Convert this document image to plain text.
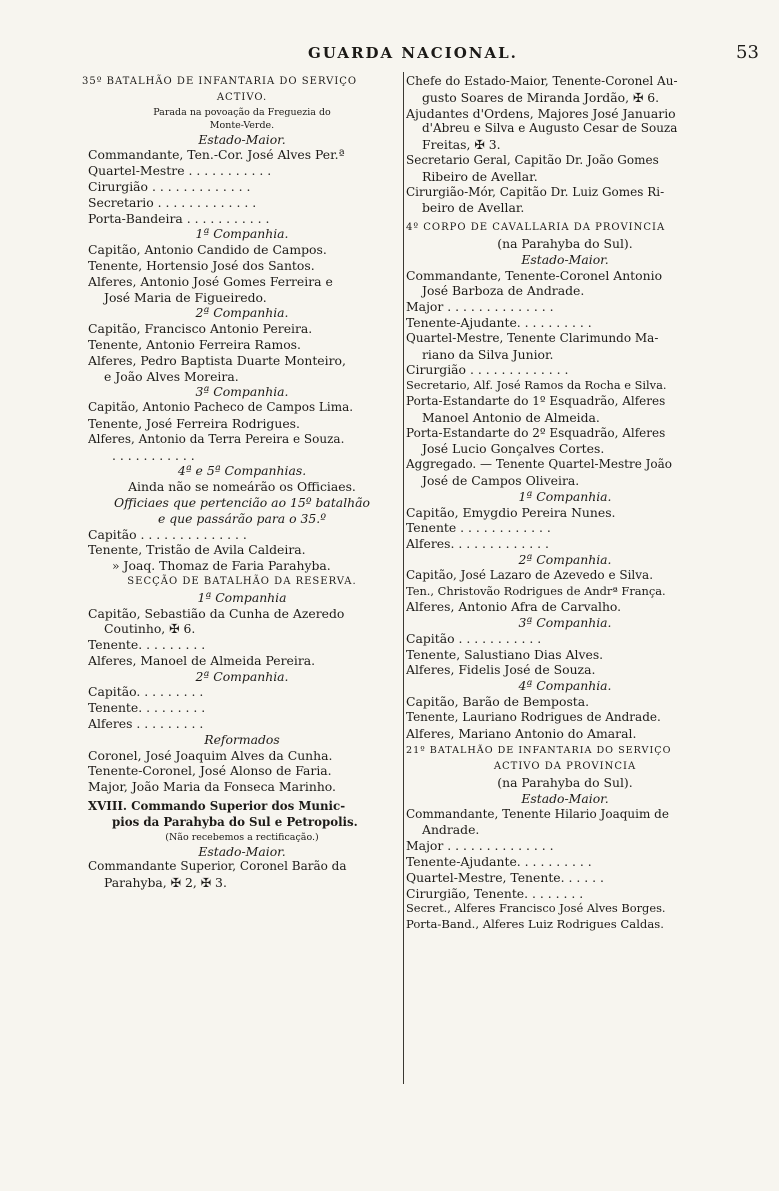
GUARDA NACIONAL.	53
35º BATALHÃO DE INFANTARIA DO SERVIÇO
ACTIVO.
Parada na povoação da Freguezia do
Monte-Verde.
Estado-Maior.
Commandante, Ten.-Cor. José Alves Per.ª
Quartel-Mestre . . . . . . . . . . .
Cirurgião . . . . . . . . . . . . .
Secretario . . . . . . . . . . . . .
Porta-Bandeira . . . . . . . . . . .
1ª Companhia.
Capitão, Antonio Candido de Campos.
Tenente, Hortensio José dos Santos.
Alferes, Antonio José Gomes Ferreira e
José Maria de Figueiredo.
2ª Companhia.
Capitão, Francisco Antonio Pereira.
Tenente, Antonio Ferreira Ramos.
Alferes, Pedro Baptista Duarte Monteiro,
e João Alves Moreira.
3ª Companhia.
Capitão, Antonio Pacheco de Campos Lima.
Tenente, José Ferreira Rodrigues.
Alferes, Antonio da Terra Pereira e Souza.
. . . . . . . . . . .
4ª e 5ª Companhias.
Ainda não se nomeárão os Officiaes.
Officiaes que pertencião ao 15º batalhão
e que passárão para o 35.º
Capitão . . . . . . . . . . . . . .
Tenente, Tristão de Avila Caldeira.
» Joaq. Thomaz de Faria Parahyba.
SECÇÃO DE BATALHÃO DA RESERVA.
1ª Companhia
Capitão, Sebastião da Cunha de Azeredo
Coutinho, ✠ 6.
Tenente. . . . . . . . .
Alferes, Manoel de Almeida Pereira.
2ª Companhia.
Capitão. . . . . . . . .
Tenente. . . . . . . . .
Alferes . . . . . . . . .
Reformados
Coronel, José Joaquim Alves da Cunha.
Tenente-Coronel, José Alonso de Faria.
Major, João Maria da Fonseca Marinho.
XVIII. Commando Superior dos Munic-
pios da Parahyba do Sul e Petropolis.
(Não recebemos a rectificação.)
Estado-Maior.
Commandante Superior, Coronel Barão da
Parahyba, ✠ 2, ✠ 3.
Chefe do Estado-Maior, Tenente-Coronel Au-
gusto Soares de Miranda Jordão, ✠ 6.
Ajudantes d'Ordens, Majores José Januario
d'Abreu e Silva e Augusto Cesar de Souza
Freitas, ✠ 3.
Secretario Geral, Capitão Dr. João Gomes
Ribeiro de Avellar.
Cirurgião-Mór, Capitão Dr. Luiz Gomes Ri-
beiro de Avellar.
4º CORPO DE CAVALLARIA DA PROVINCIA
(na Parahyba do Sul).
Estado-Maior.
Commandante, Tenente-Coronel Antonio
José Barboza de Andrade.
Major . . . . . . . . . . . . . .
Tenente-Ajudante. . . . . . . . . .
Quartel-Mestre, Tenente Clarimundo Ma-
riano da Silva Junior.
Cirurgião . . . . . . . . . . . . .
Secretario, Alf. José Ramos da Rocha e Silva.
Porta-Estandarte do 1º Esquadrão, Alferes
Manoel Antonio de Almeida.
Porta-Estandarte do 2º Esquadrão, Alferes
José Lucio Gonçalves Cortes.
Aggregado. — Tenente Quartel-Mestre João
José de Campos Oliveira.
1ª Companhia.
Capitão, Emygdio Pereira Nunes.
Tenente . . . . . . . . . . . .
Alferes. . . . . . . . . . . . .
2ª Companhia.
Capitão, José Lazaro de Azevedo e Silva.
Ten., Christovão Rodrigues de Andrª França.
Alferes, Antonio Afra de Carvalho.
3ª Companhia.
Capitão . . . . . . . . . . .
Tenente, Salustiano Dias Alves.
Alferes, Fidelis José de Souza.
4ª Companhia.
Capitão, Barão de Bemposta.
Tenente, Lauriano Rodrigues de Andrade.
Alferes, Mariano Antonio do Amaral.
21º BATALHÃO DE INFANTARIA DO SERVIÇO
ACTIVO DA PROVINCIA
(na Parahyba do Sul).
Estado-Maior.
Commandante, Tenente Hilario Joaquim de
Andrade.
Major . . . . . . . . . . . . . .
Tenente-Ajudante. . . . . . . . . .
Quartel-Mestre, Tenente. . . . . .
Cirurgião, Tenente. . . . . . . .
Secret., Alferes Francisco José Alves Borges.
Porta-Band., Alferes Luiz Rodrigues Caldas.
